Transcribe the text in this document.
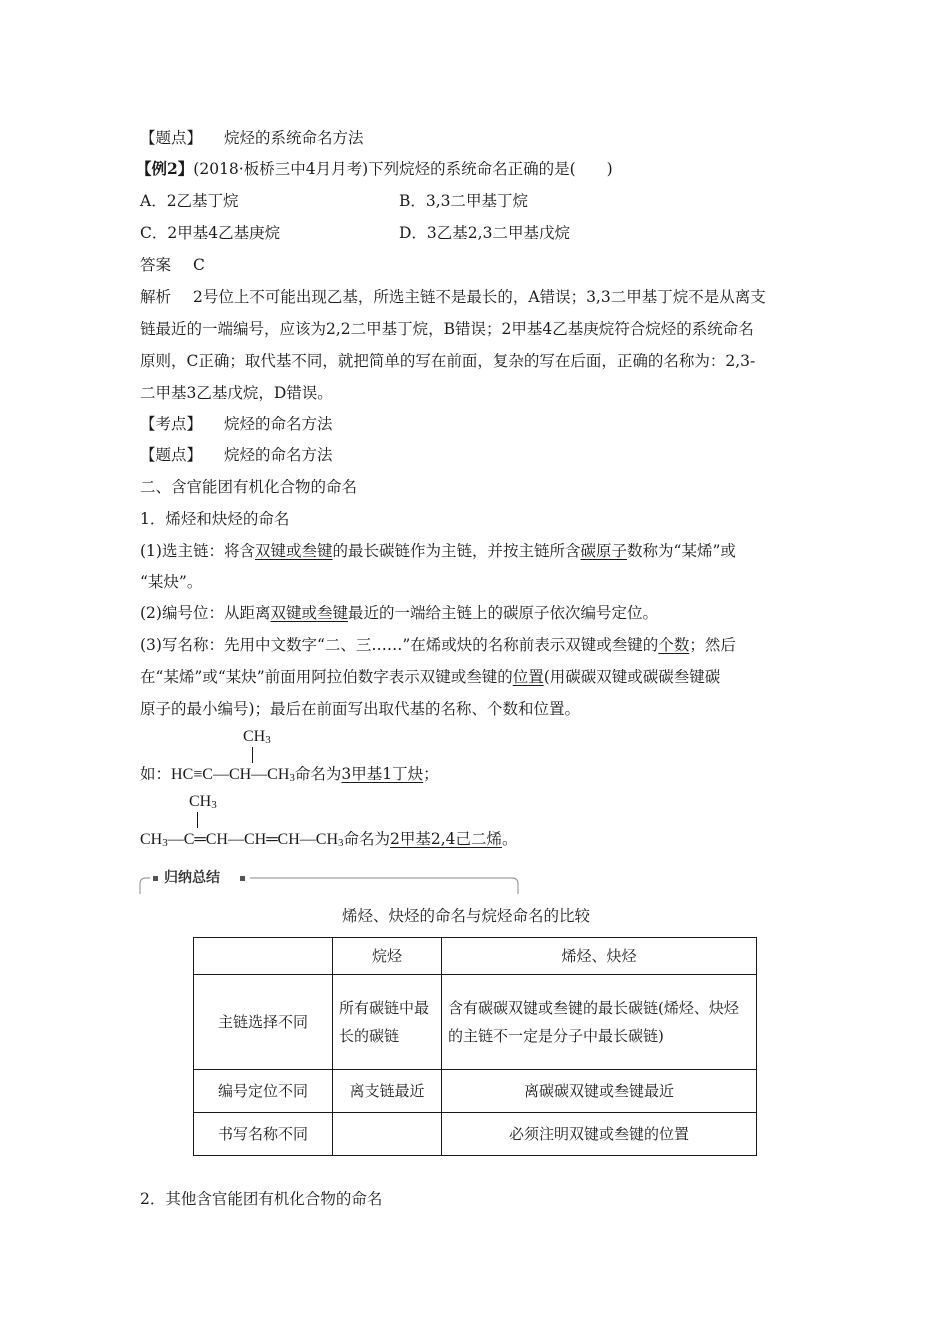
【题点】 烷烃的系统命名方法
【例2】(2018·板桥三中4月月考)下列烷烃的系统命名正确的是(　　)
A．2乙基丁烷	B．3,3二甲基丁烷
C．2甲基4乙基庚烷	D．3乙基2,3二甲基戊烷
答案 C
解析 2号位上不可能出现乙基，所选主链不是最长的，A错误；3,3二甲基丁烷不是从离支
链最近的一端编号，应该为2,2二甲基丁烷，B错误；2甲基4乙基庚烷符合烷烃的系统命名
原则，C正确；取代基不同，就把简单的写在前面，复杂的写在后面，正确的名称为：2,3-
二甲基3乙基戊烷，D错误。
【考点】 烷烃的命名方法
【题点】 烷烃的命名方法
二、含官能团有机化合物的命名
1．烯烃和炔烃的命名
(1)选主链：将含双键或叁键的最长碳链作为主链，并按主链所含碳原子数称为“某烯”或
“某炔”。
(2)编号位：从距离双键或叁键最近的一端给主链上的碳原子依次编号定位。
(3)写名称：先用中文数字“二、三……”在烯或炔的名称前表示双键或叁键的个数；然后
在“某烯”或“某炔”前面用阿拉伯数字表示双键或叁键的位置(用碳碳双键或碳碳叁键碳
原子的最小编号)；最后在前面写出取代基的名称、个数和位置。
$CH_3$
如：$HC\equiv C—CH—CH_3$命名为3甲基1丁炔；
$CH_3$
$CH_3—C═CH—CH═CH—CH_3$命名为2甲基2,4己二烯。
归纳总结
烯烃、炔烃的命名与烷烃命名的比较
	烷烃	烯烃、炔烃
主链选择不同	所有碳链中最长的碳链	含有碳碳双键或叁键的最长碳链(烯烃、炔烃的主链不一定是分子中最长碳链)
编号定位不同	离支链最近	离碳碳双键或叁键最近
书写名称不同		必须注明双键或叁键的位置
2．其他含官能团有机化合物的命名
